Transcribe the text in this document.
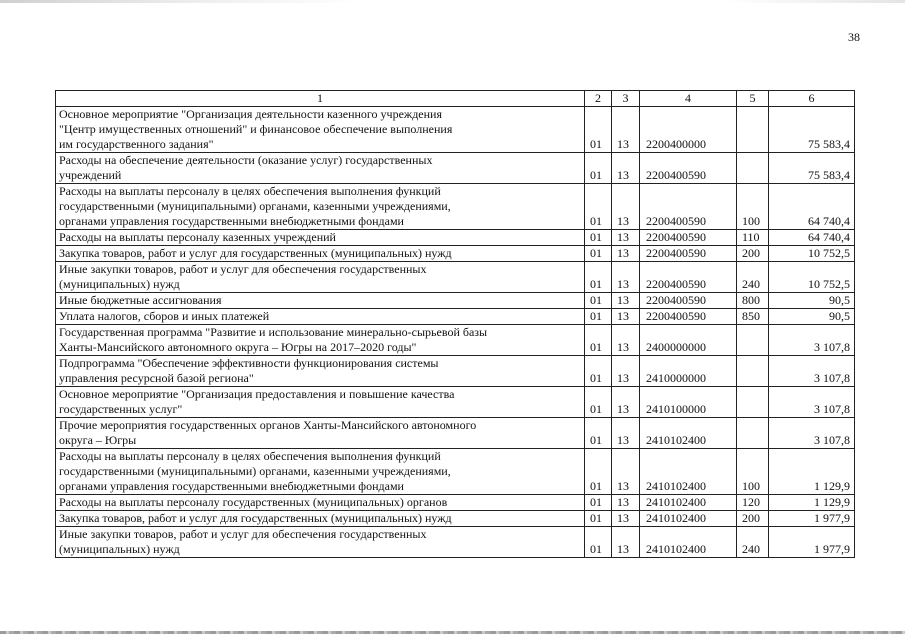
38
1	2	3	4	5	6

Основное мероприятие "Организация деятельности казенного учреждения
"Центр имущественных отношений" и финансовое обеспечение выполнения
им государственного задания"	01	13	2200400000		75 583,4

Расходы на обеспечение деятельности (оказание услуг) государственных
учреждений	01	13	2200400590		75 583,4

Расходы на выплаты персоналу в целях обеспечения выполнения функций
государственными (муниципальными) органами, казенными учреждениями,
органами управления государственными внебюджетными фондами	01	13	2200400590	100	64 740,4

Расходы на выплаты персоналу казенных учреждений	01	13	2200400590	110	64 740,4

Закупка товаров, работ и услуг для государственных (муниципальных) нужд	01	13	2200400590	200	10 752,5

Иные закупки товаров, работ и услуг для обеспечения государственных
(муниципальных) нужд	01	13	2200400590	240	10 752,5

Иные бюджетные ассигнования	01	13	2200400590	800	90,5

Уплата налогов, сборов и иных платежей	01	13	2200400590	850	90,5

Государственная программа "Развитие и использование минерально-сырьевой базы
Ханты-Мансийского автономного округа – Югры на 2017–2020 годы"	01	13	2400000000		3 107,8

Подпрограмма "Обеспечение эффективности функционирования системы
управления ресурсной базой региона"	01	13	2410000000		3 107,8

Основное мероприятие "Организация предоставления и повышение качества
государственных услуг"	01	13	2410100000		3 107,8

Прочие мероприятия государственных органов Ханты-Мансийского автономного
округа – Югры	01	13	2410102400		3 107,8

Расходы на выплаты персоналу в целях обеспечения выполнения функций
государственными (муниципальными) органами, казенными учреждениями,
органами управления государственными внебюджетными фондами	01	13	2410102400	100	1 129,9

Расходы на выплаты персоналу государственных (муниципальных) органов	01	13	2410102400	120	1 129,9

Закупка товаров, работ и услуг для государственных (муниципальных) нужд	01	13	2410102400	200	1 977,9

Иные закупки товаров, работ и услуг для обеспечения государственных
(муниципальных) нужд	01	13	2410102400	240	1 977,9
